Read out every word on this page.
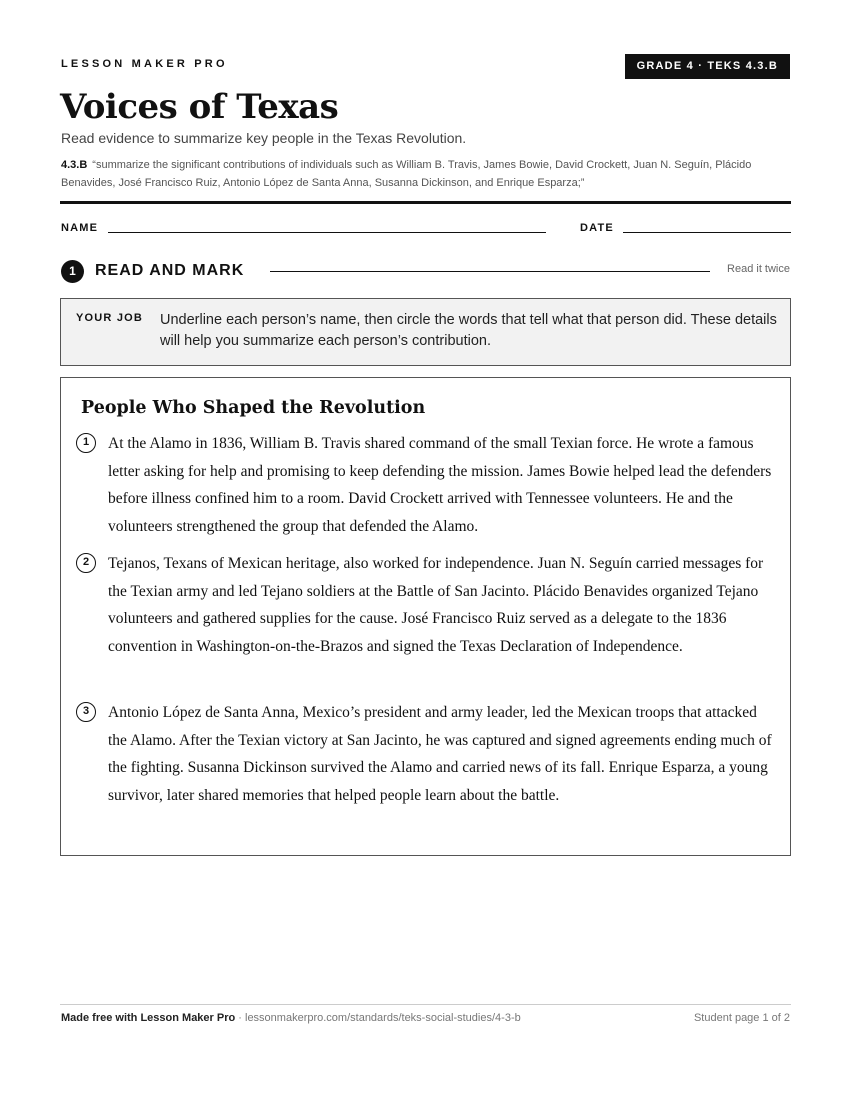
LESSON MAKER PRO	GRADE 4 · TEKS 4.3.B
Voices of Texas
Read evidence to summarize key people in the Texas Revolution.
4.3.B “summarize the significant contributions of individuals such as William B. Travis, James Bowie, David Crockett, Juan N. Seguín, Plácido Benavides, José Francisco Ruiz, Antonio López de Santa Anna, Susanna Dickinson, and Enrique Esparza;”
NAME	DATE
1	READ AND MARK	Read it twice
YOUR JOB Underline each person’s name, then circle the words that tell what that person did. These details will help you summarize each person’s contribution.
People Who Shaped the Revolution
1	At the Alamo in 1836, William B. Travis shared command of the small Texian force. He wrote a famous letter asking for help and promising to keep defending the mission. James Bowie helped lead the defenders before illness confined him to a room. David Crockett arrived with Tennessee volunteers. He and the volunteers strengthened the group that defended the Alamo.

2	Tejanos, Texans of Mexican heritage, also worked for independence. Juan N. Seguín carried messages for the Texian army and led Tejano soldiers at the Battle of San Jacinto. Plácido Benavides organized Tejano volunteers and gathered supplies for the cause. José Francisco Ruiz served as a delegate to the 1836 convention in Washington-on-the-Brazos and signed the Texas Declaration of Independence.

3	Antonio López de Santa Anna, Mexico’s president and army leader, led the Mexican troops that attacked the Alamo. After the Texian victory at San Jacinto, he was captured and signed agreements ending much of the fighting. Susanna Dickinson survived the Alamo and carried news of its fall. Enrique Esparza, a young survivor, later shared memories that helped people learn about the battle.

Made free with Lesson Maker Pro · lessonmakerpro.com/standards/teks-social-studies/4-3-b	Student page 1 of 2
